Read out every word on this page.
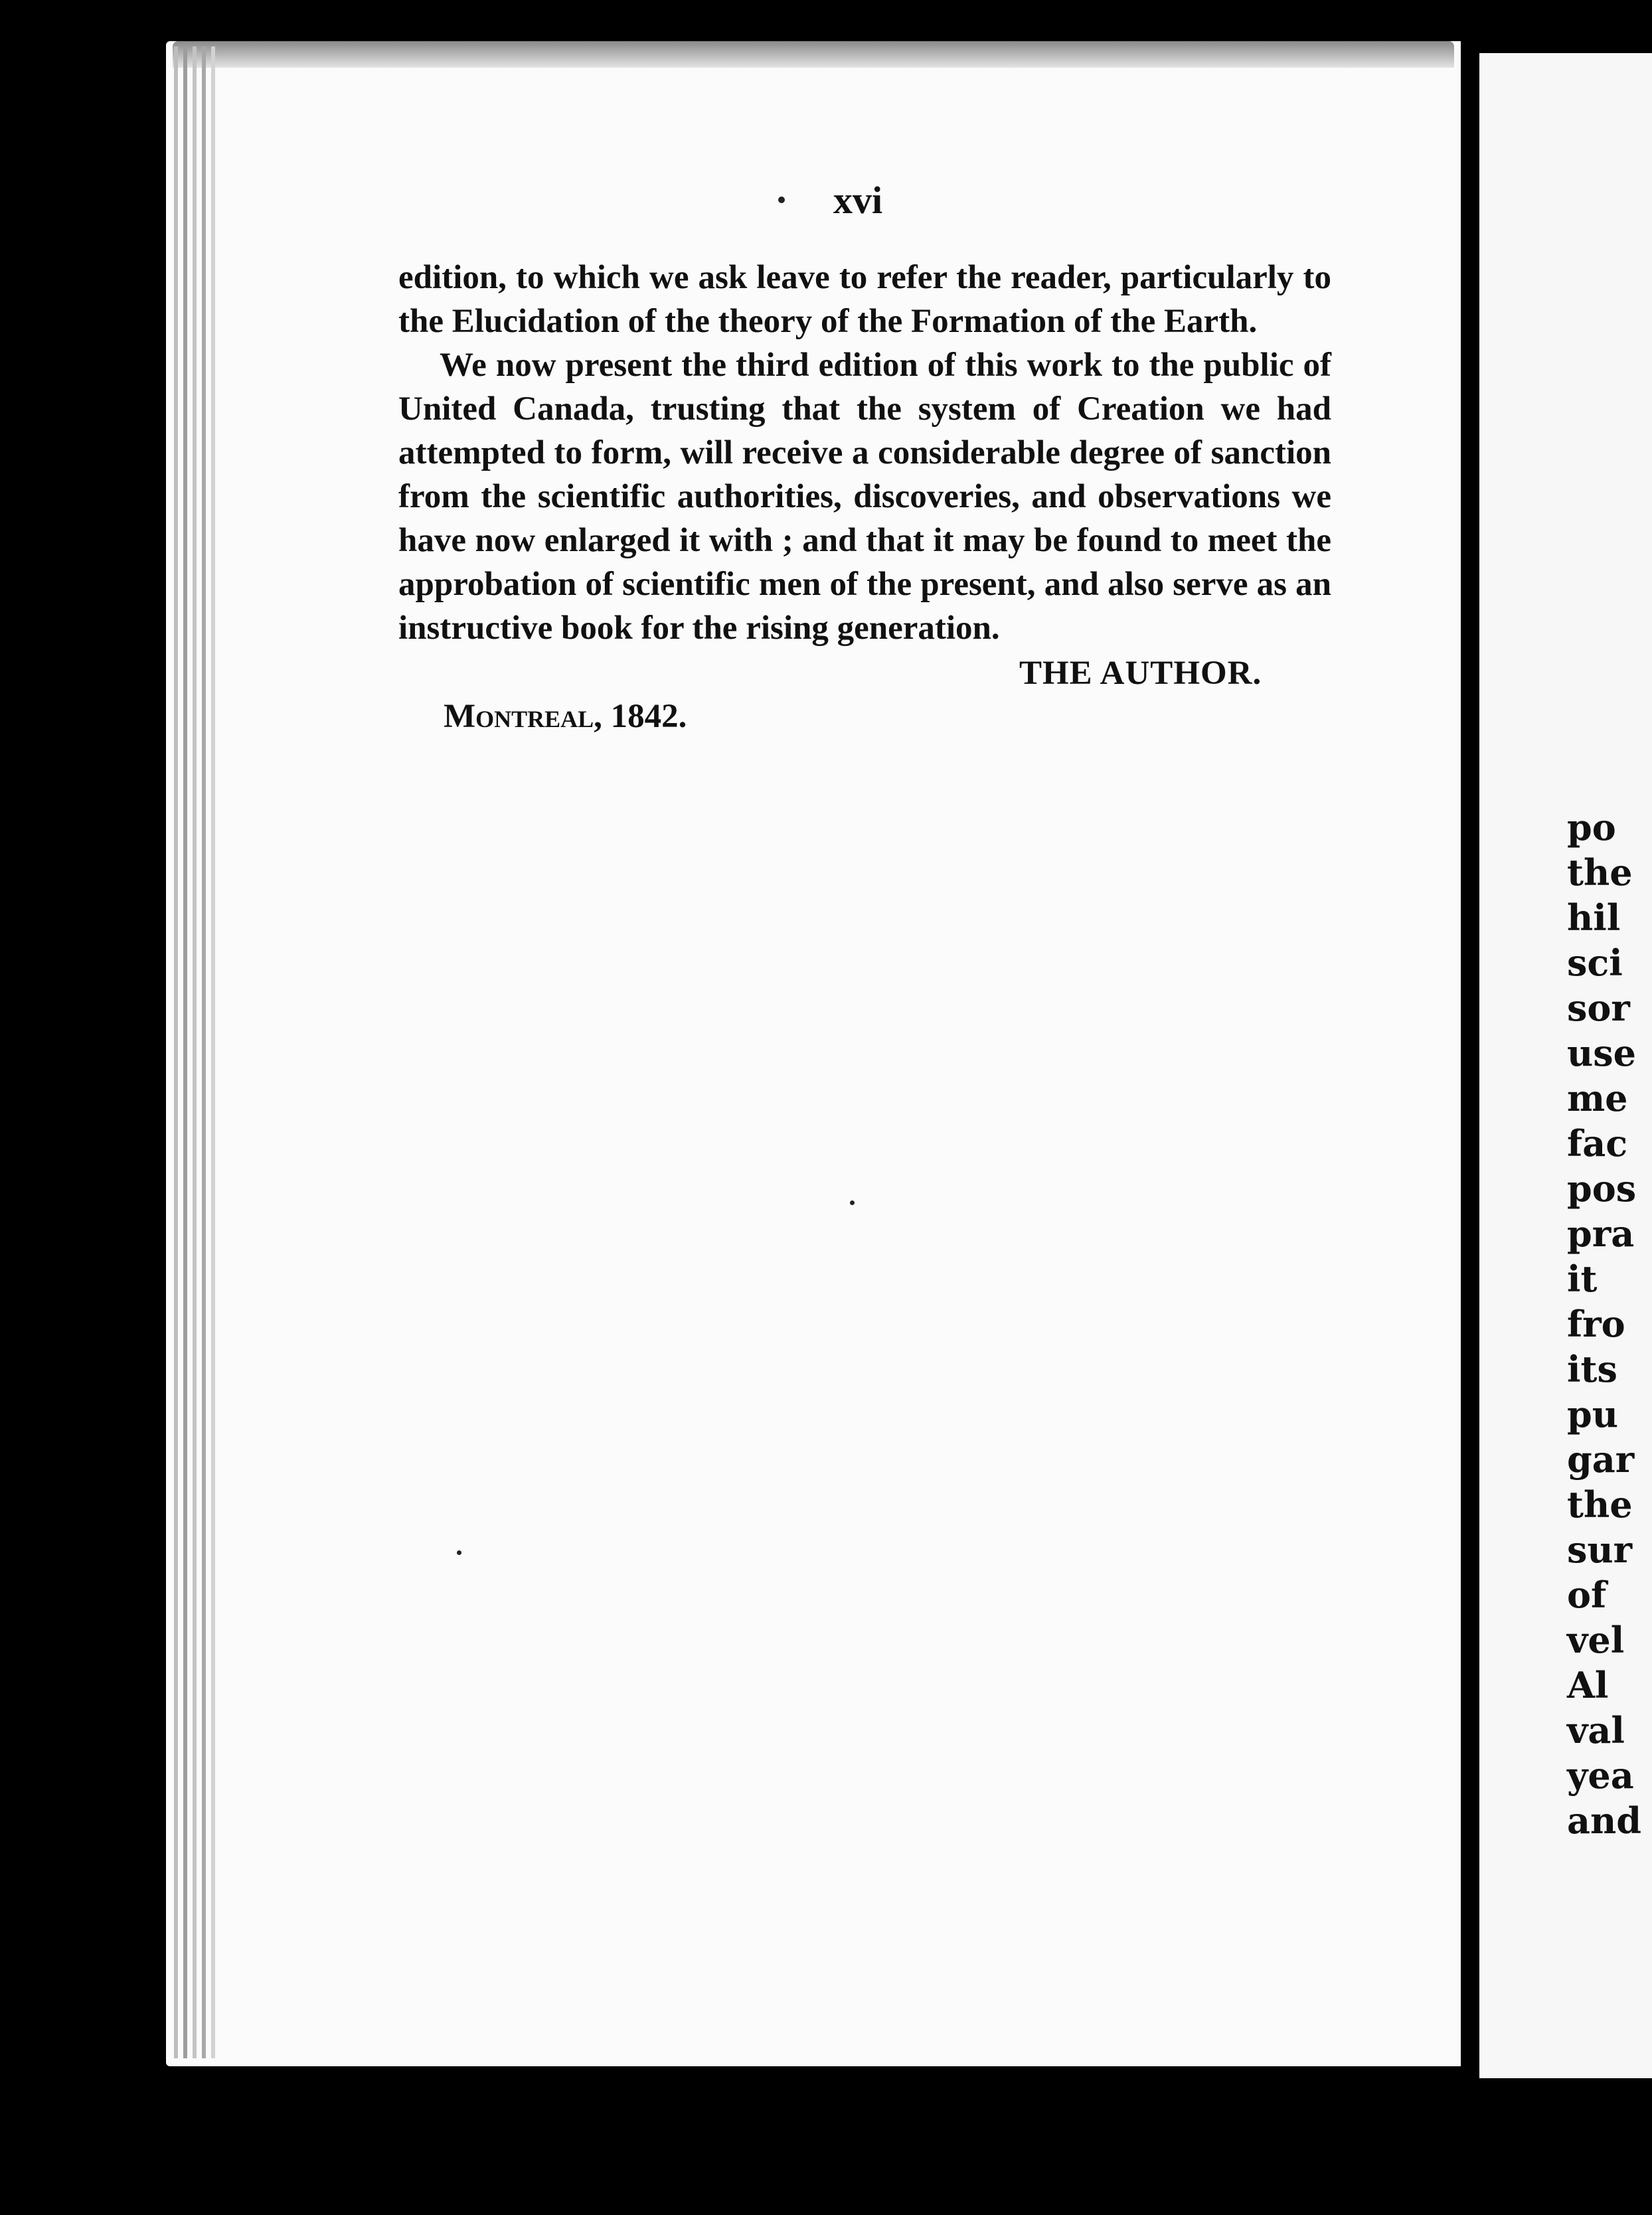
po
the
hil
sci
sor
use
me
fac
pos
pra
it
fro
its
pu
gar
the
sur
of
vel
Al
val
yea
and
xvi

edition, to which we ask leave to refer the reader, particularly to the Elucidation of the theory of the Formation of the Earth.

We now present the third edition of this work to the public of United Canada, trusting that the system of Creation we had attempted to form, will receive a considerable degree of sanction from the scientific authorities, discoveries, and observations we have now enlarged it with ; and that it may be found to meet the approbation of scientific men of the present, and also serve as an instructive book for the rising generation.

THE AUTHOR.
Montreal, 1842.
